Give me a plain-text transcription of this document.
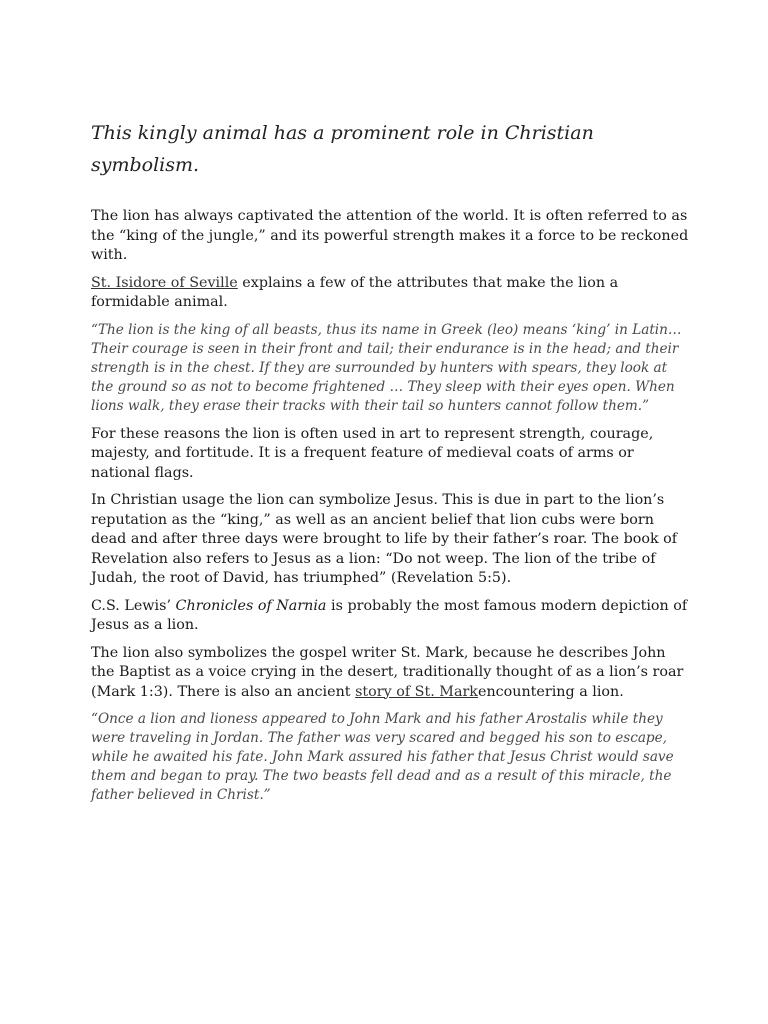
This kingly animal has a prominent role in Christian symbolism.

The lion has always captivated the attention of the world. It is often referred to as the “king of the jungle,” and its powerful strength makes it a force to be reckoned with.

St. Isidore of Seville explains a few of the attributes that make the lion a formidable animal.

“The lion is the king of all beasts, thus its name in Greek (leo) means ‘king’ in Latin… Their courage is seen in their front and tail; their endurance is in the head; and their strength is in the chest. If they are surrounded by hunters with spears, they look at the ground so as not to become frightened … They sleep with their eyes open. When lions walk, they erase their tracks with their tail so hunters cannot follow them.”

For these reasons the lion is often used in art to represent strength, courage, majesty, and fortitude. It is a frequent feature of medieval coats of arms or national flags.

In Christian usage the lion can symbolize Jesus. This is due in part to the lion’s reputation as the “king,” as well as an ancient belief that lion cubs were born dead and after three days were brought to life by their father’s roar. The book of Revelation also refers to Jesus as a lion: “Do not weep. The lion of the tribe of Judah, the root of David, has triumphed” (Revelation 5:5).

C.S. Lewis’ Chronicles of Narnia is probably the most famous modern depiction of Jesus as a lion.

The lion also symbolizes the gospel writer St. Mark, because he describes John the Baptist as a voice crying in the desert, traditionally thought of as a lion’s roar (Mark 1:3). There is also an ancient story of St. Markencountering a lion.

“Once a lion and lioness appeared to John Mark and his father Arostalis while they were traveling in Jordan. The father was very scared and begged his son to escape, while he awaited his fate. John Mark assured his father that Jesus Christ would save them and began to pray. The two beasts fell dead and as a result of this miracle, the father believed in Christ.”
